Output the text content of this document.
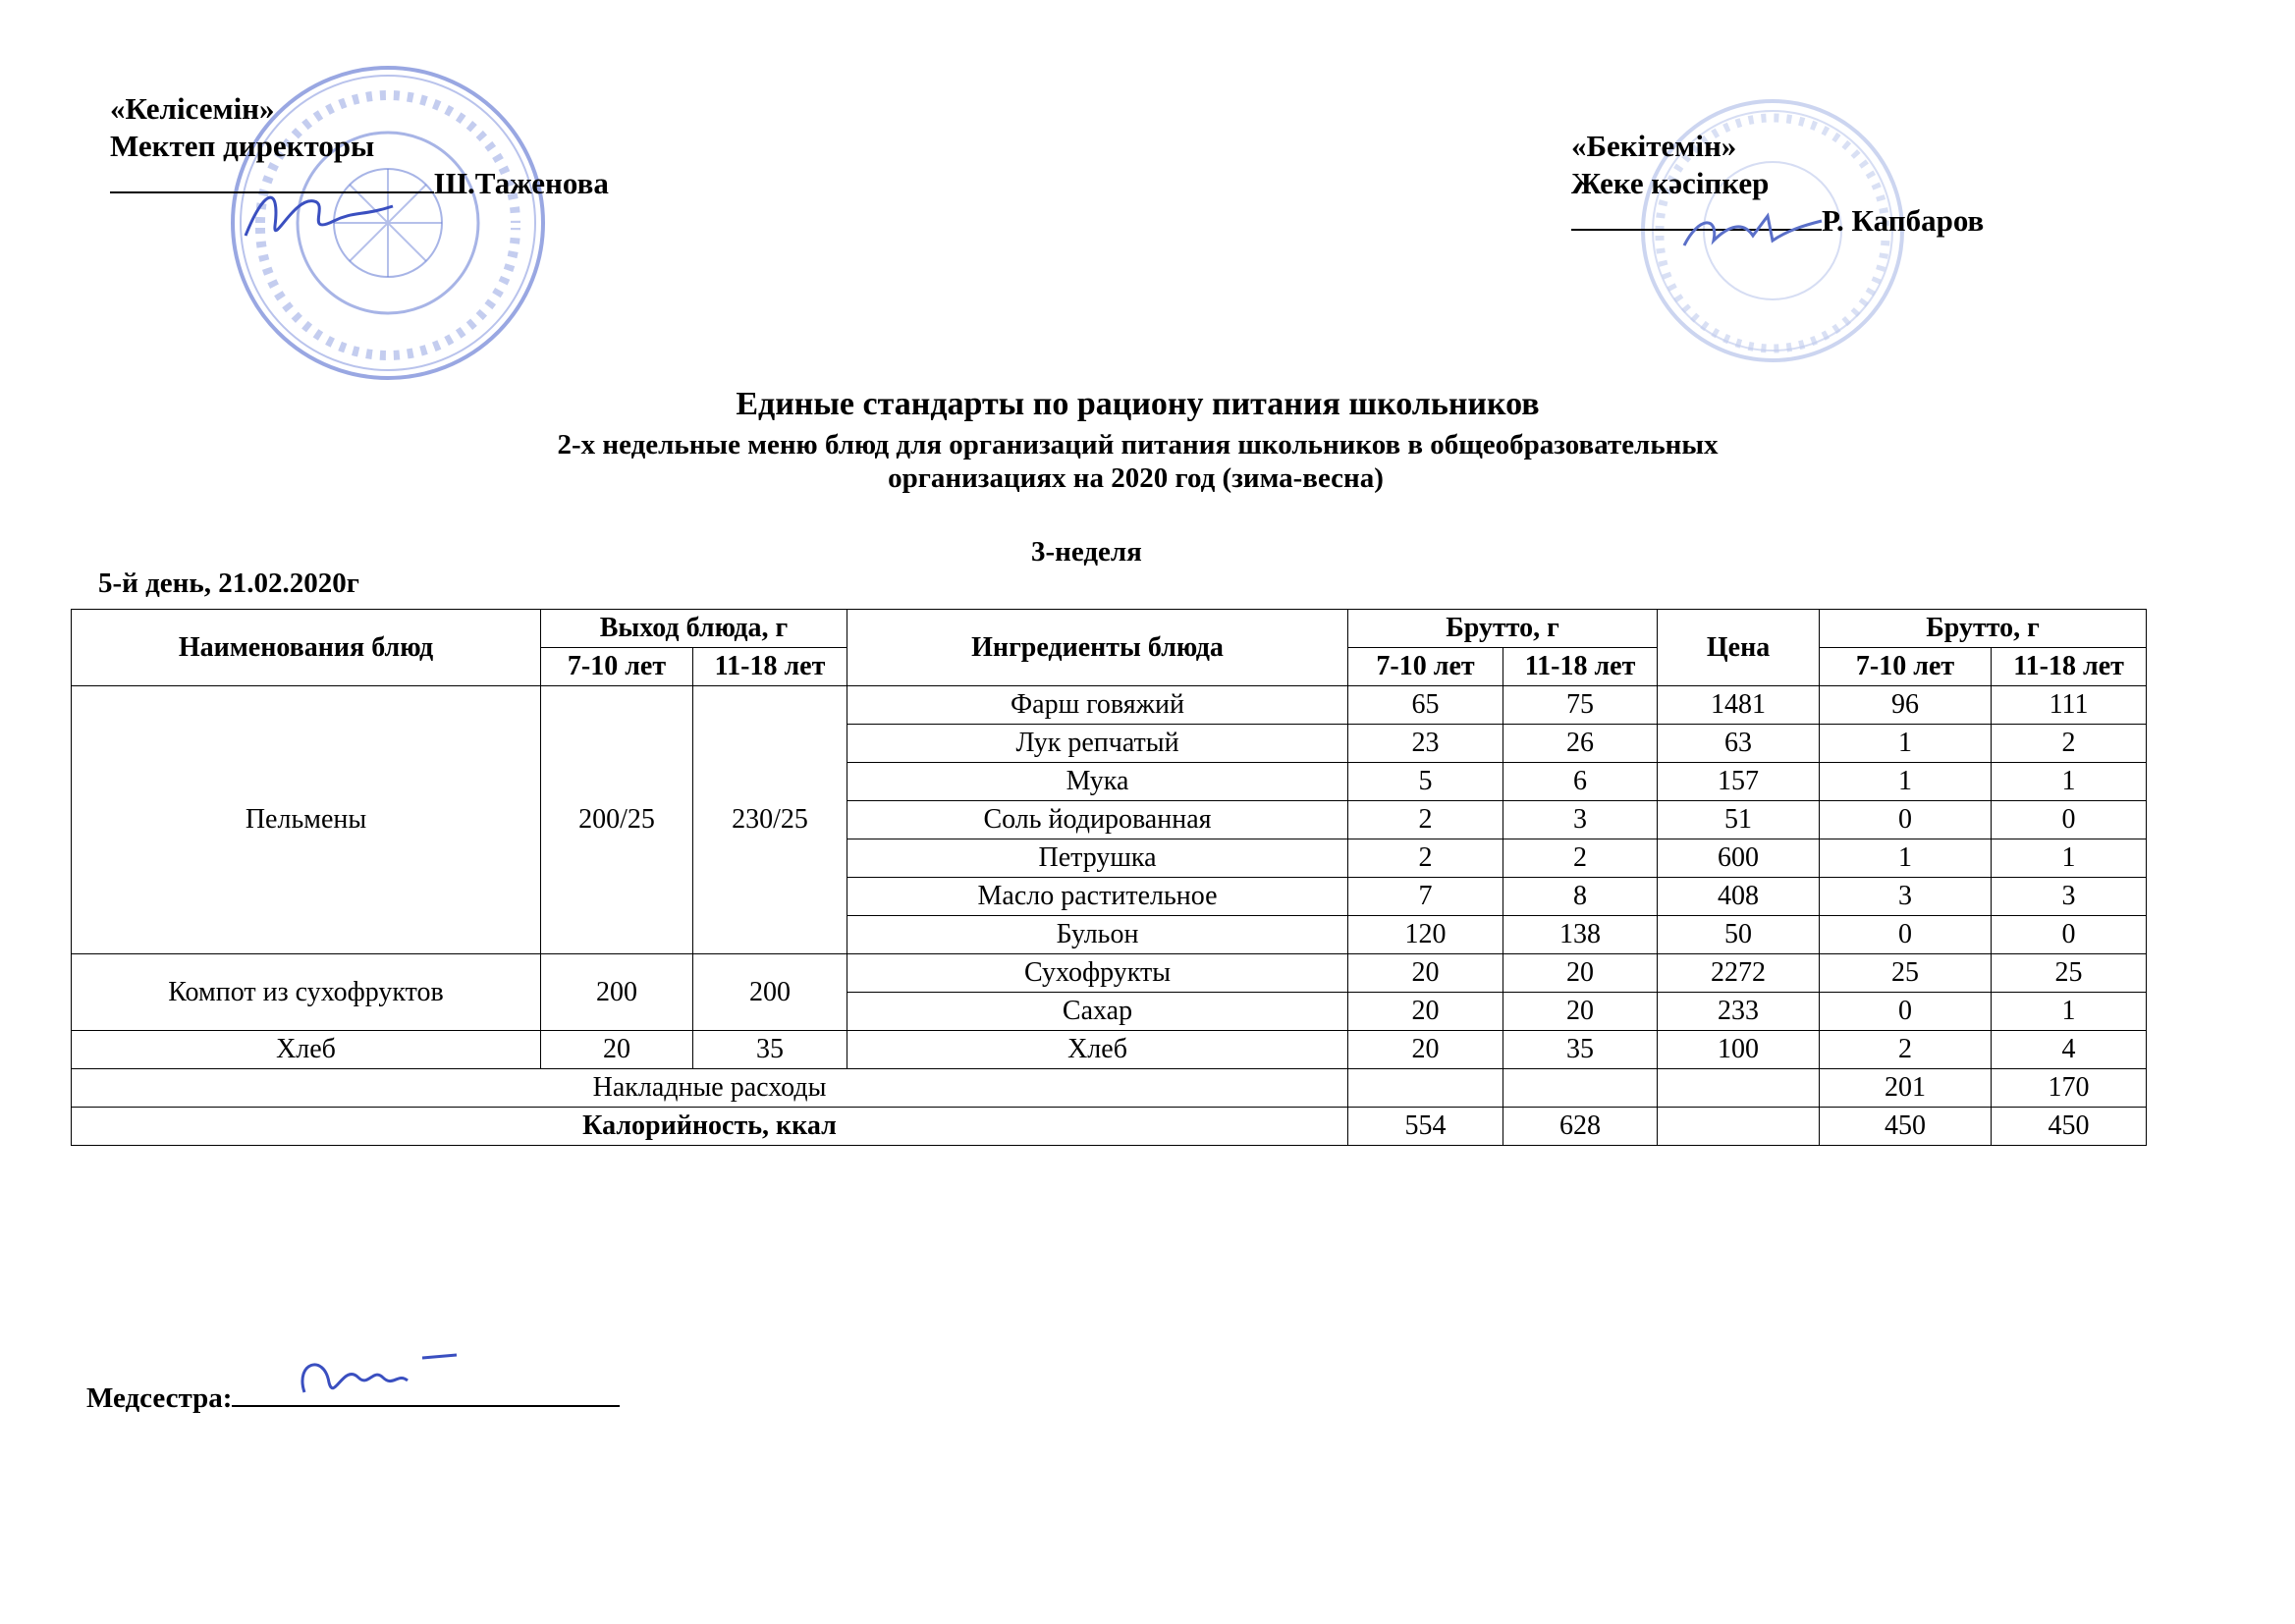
«Келісемін»
Мектеп директоры
Ш.Таженова
«Бекітемін»
Жеке кәсіпкер
Р. Капбаров
Единые стандарты по рациону питания школьников
2-х недельные меню блюд для организаций питания школьников в общеобразовательных
организациях на 2020 год (зима-весна)
3-неделя
5-й день, 21.02.2020г
Наименования блюд	Выход блюда, г		Ингредиенты блюда	Брутто, г		Цена	Брутто, г	
	7-10 лет	11-18 лет		7-10 лет	11-18 лет		7-10 лет	11-18 лет
Пельмены	200/25	230/25	Фарш говяжий	65	75	1481	96	111
			Лук репчатый	23	26	63	1	2
			Мука	5	6	157	1	1
			Соль йодированная	2	3	51	0	0
			Петрушка	2	2	600	1	1
			Масло растительное	7	8	408	3	3
			Бульон	120	138	50	0	0
Компот из сухофруктов	200	200	Сухофрукты	20	20	2272	25	25
			Сахар	20	20	233	0	1
Хлеб	20	35	Хлеб	20	35	100	2	4
Накладные расходы							201	170
Калорийность, ккал				554	628		450	450
Медсестра:
